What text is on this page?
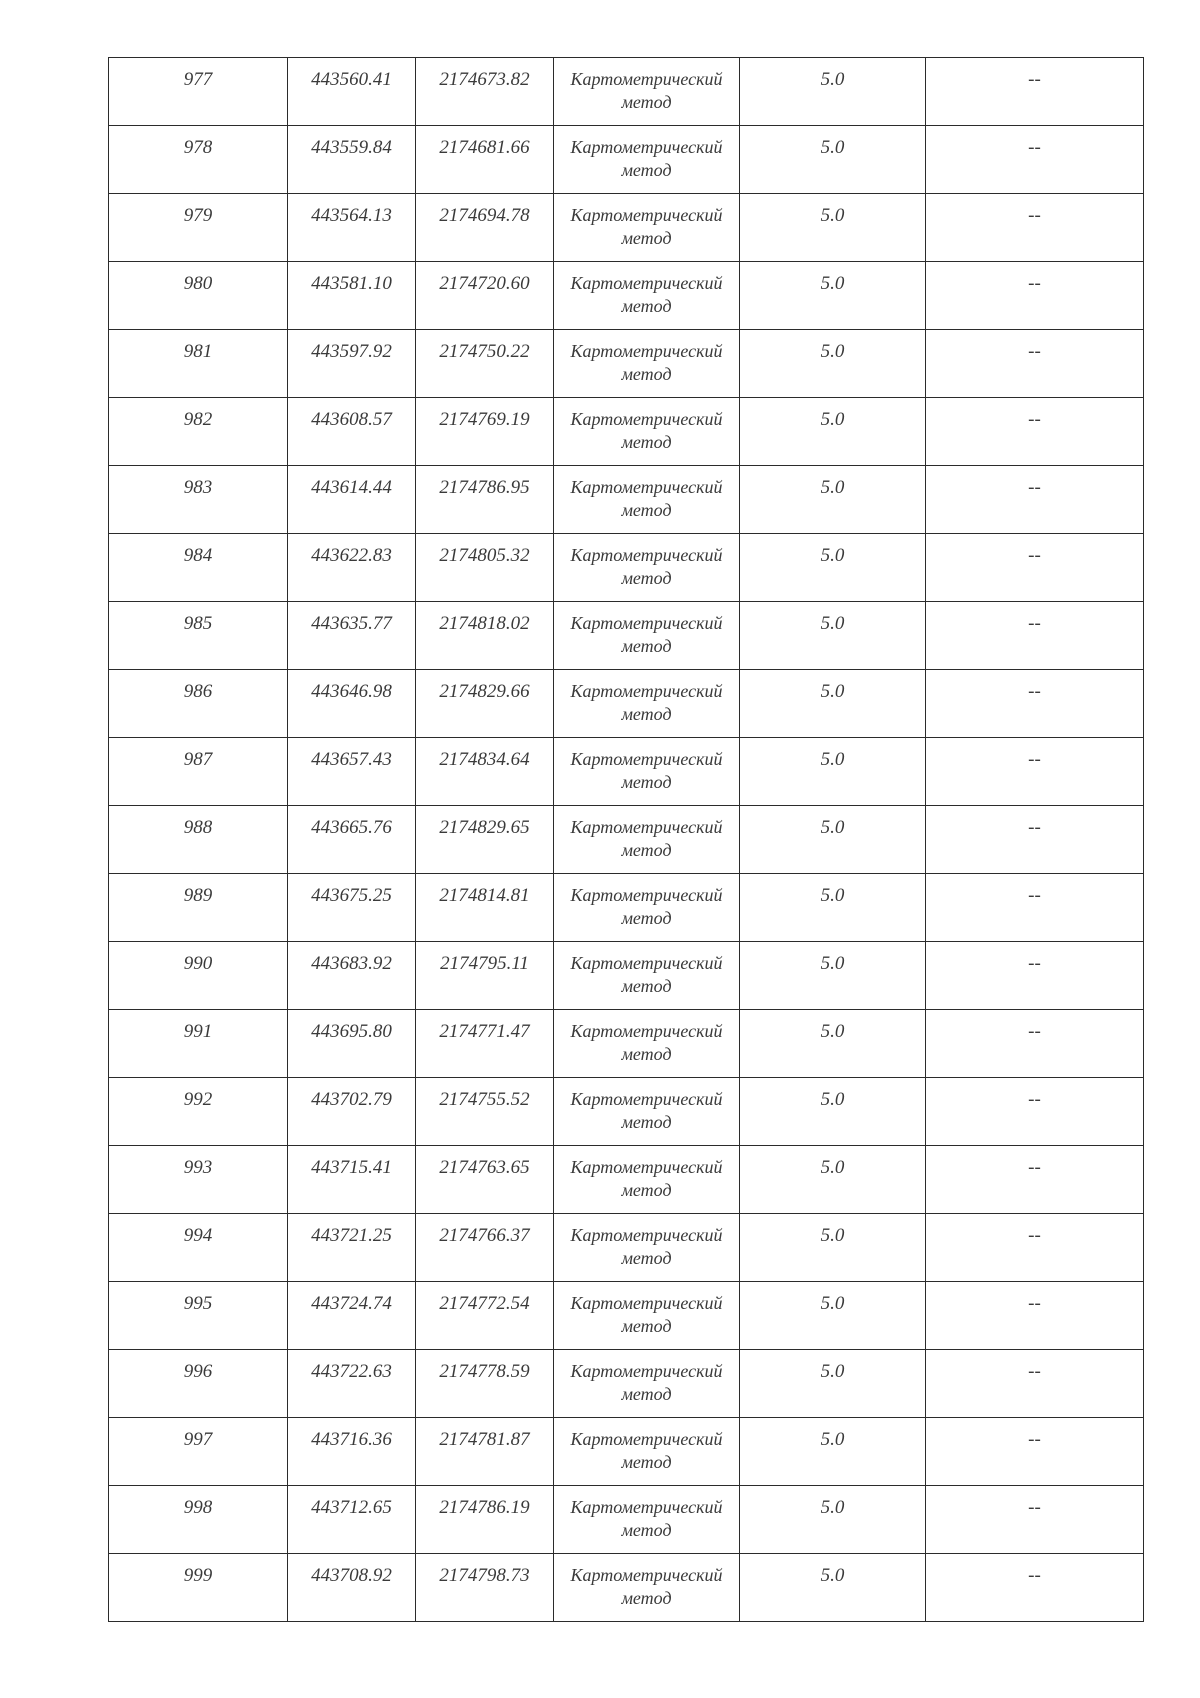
977	443560.41	2174673.82	Картометрический
метод	5.0	--

978	443559.84	2174681.66	Картометрический
метод	5.0	--

979	443564.13	2174694.78	Картометрический
метод	5.0	--

980	443581.10	2174720.60	Картометрический
метод	5.0	--

981	443597.92	2174750.22	Картометрический
метод	5.0	--

982	443608.57	2174769.19	Картометрический
метод	5.0	--

983	443614.44	2174786.95	Картометрический
метод	5.0	--

984	443622.83	2174805.32	Картометрический
метод	5.0	--

985	443635.77	2174818.02	Картометрический
метод	5.0	--

986	443646.98	2174829.66	Картометрический
метод	5.0	--

987	443657.43	2174834.64	Картометрический
метод	5.0	--

988	443665.76	2174829.65	Картометрический
метод	5.0	--

989	443675.25	2174814.81	Картометрический
метод	5.0	--

990	443683.92	2174795.11	Картометрический
метод	5.0	--

991	443695.80	2174771.47	Картометрический
метод	5.0	--

992	443702.79	2174755.52	Картометрический
метод	5.0	--

993	443715.41	2174763.65	Картометрический
метод	5.0	--

994	443721.25	2174766.37	Картометрический
метод	5.0	--

995	443724.74	2174772.54	Картометрический
метод	5.0	--

996	443722.63	2174778.59	Картометрический
метод	5.0	--

997	443716.36	2174781.87	Картометрический
метод	5.0	--

998	443712.65	2174786.19	Картометрический
метод	5.0	--

999	443708.92	2174798.73	Картометрический
метод	5.0	--
